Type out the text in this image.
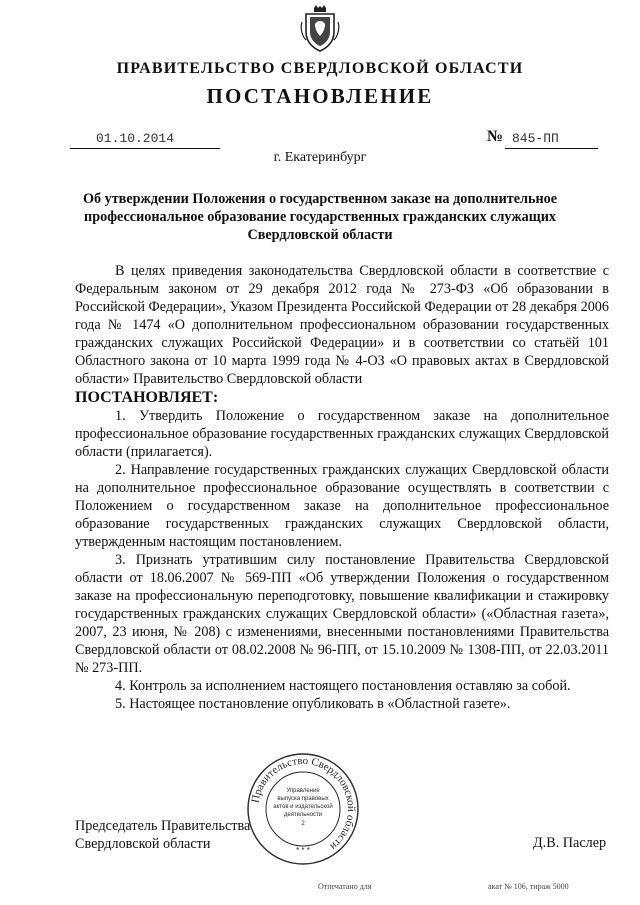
ПРАВИТЕЛЬСТВО СВЕРДЛОВСКОЙ ОБЛАСТИ
ПОСТАНОВЛЕНИЕ
01.10.2014	№ 845-ПП
г. Екатеринбург
Об утверждении Положения о государственном заказе на дополнительное
профессиональное образование государственных гражданских служащих
Свердловской области

В целях приведения законодательства Свердловской области в соответствие с Федеральным законом от 29 декабря 2012 года № 273-ФЗ «Об образовании в Российской Федерации», Указом Президента Российской Федерации от 28 декабря 2006 года № 1474 «О дополнительном профессиональном образовании государственных гражданских служащих Российской Федерации» и в соответствии со статьёй 101 Областного закона от 10 марта 1999 года № 4-ОЗ «О правовых актах в Свердловской области» Правительство Свердловской области

ПОСТАНОВЛЯЕТ:

1. Утвердить Положение о государственном заказе на дополнительное профессиональное образование государственных гражданских служащих Свердловской области (прилагается).

2. Направление государственных гражданских служащих Свердловской области на дополнительное профессиональное образование осуществлять в соответствии с Положением о государственном заказе на дополнительное профессиональное образование государственных гражданских служащих Свердловской области, утвержденным настоящим постановлением.

3. Признать утратившим силу постановление Правительства Свердловской области от 18.06.2007 № 569-ПП «Об утверждении Положения о государственном заказе на профессиональную переподготовку, повышение квалификации и стажировку государственных гражданских служащих Свердловской области» («Областная газета», 2007, 23 июня, № 208) с изменениями, внесенными постановлениями Правительства Свердловской области от 08.02.2008 № 96-ПП, от 15.10.2009 № 1308-ПП, от 22.03.2011 № 273-ПП.

4. Контроль за исполнением настоящего постановления оставляю за собой.

5. Настоящее постановление опубликовать в «Областной газете».

Председатель Правительства
Свердловской области	Д.В. Паслер
Правительство Свердловской области
Управление
выпуска правовых
актов и издательской
деятельности
2
* * *
Отпечатано для	акат № 106, тираж 5000
